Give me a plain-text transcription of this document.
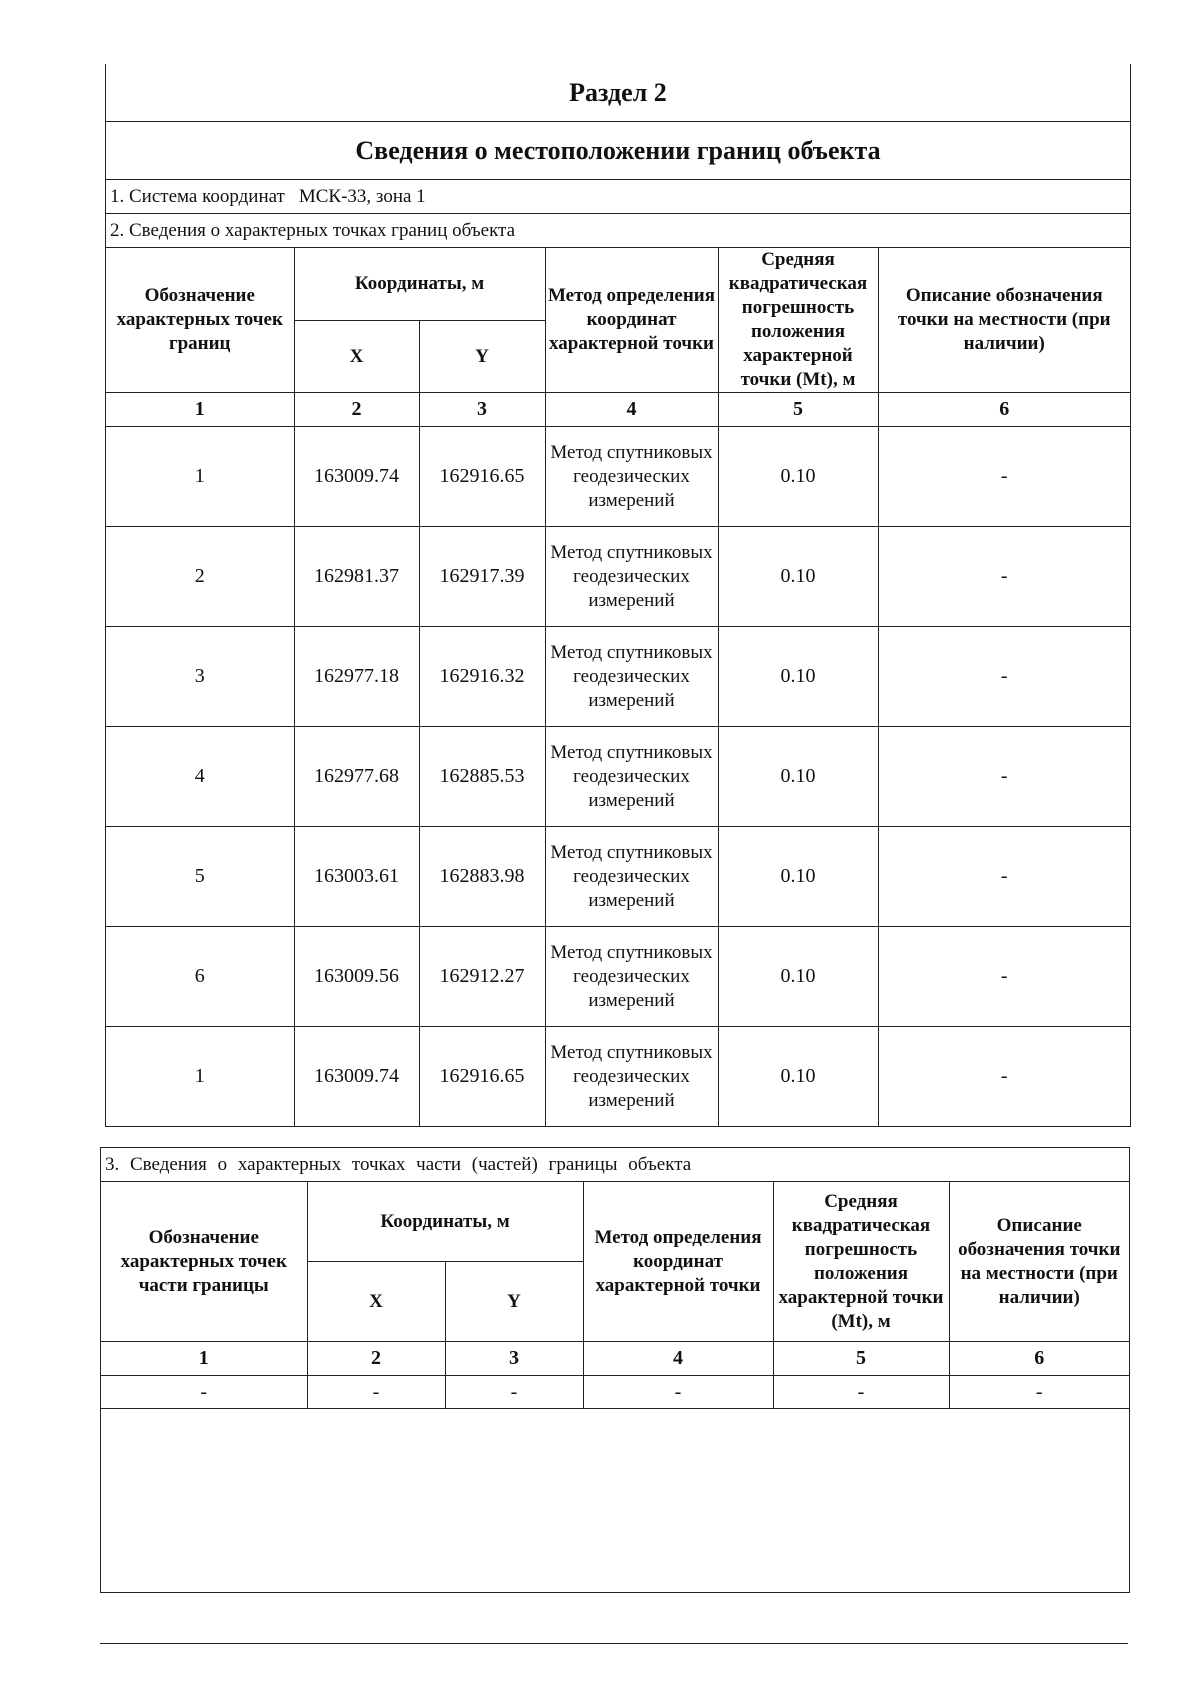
Раздел 2
Сведения о местоположении границ объекта
1. Система координат МСК-33, зона 1
2. Сведения о характерных точках границ объекта
Обозначение характерных точек границ	Координаты, м		Метод определения координат характерной точки	Средняя квадратическая погрешность положения характерной точки (Mt), м	Описание обозначения точки на местности (при наличии)
	X	Y			
1	2	3	4	5	6
1	163009.74	162916.65	Метод спутниковых геодезических измерений	0.10	-
2	162981.37	162917.39	Метод спутниковых геодезических измерений	0.10	-
3	162977.18	162916.32	Метод спутниковых геодезических измерений	0.10	-
4	162977.68	162885.53	Метод спутниковых геодезических измерений	0.10	-
5	163003.61	162883.98	Метод спутниковых геодезических измерений	0.10	-
6	163009.56	162912.27	Метод спутниковых геодезических измерений	0.10	-
1	163009.74	162916.65	Метод спутниковых геодезических измерений	0.10	-
3. Сведения о характерных точках части (частей) границы объекта
Обозначение характерных точек части границы	Координаты, м		Метод определения координат характерной точки	Средняя квадратическая погрешность положения характерной точки (Mt), м	Описание обозначения точки на местности (при наличии)
	X	Y			
1	2	3	4	5	6
-	-	-	-	-	-
